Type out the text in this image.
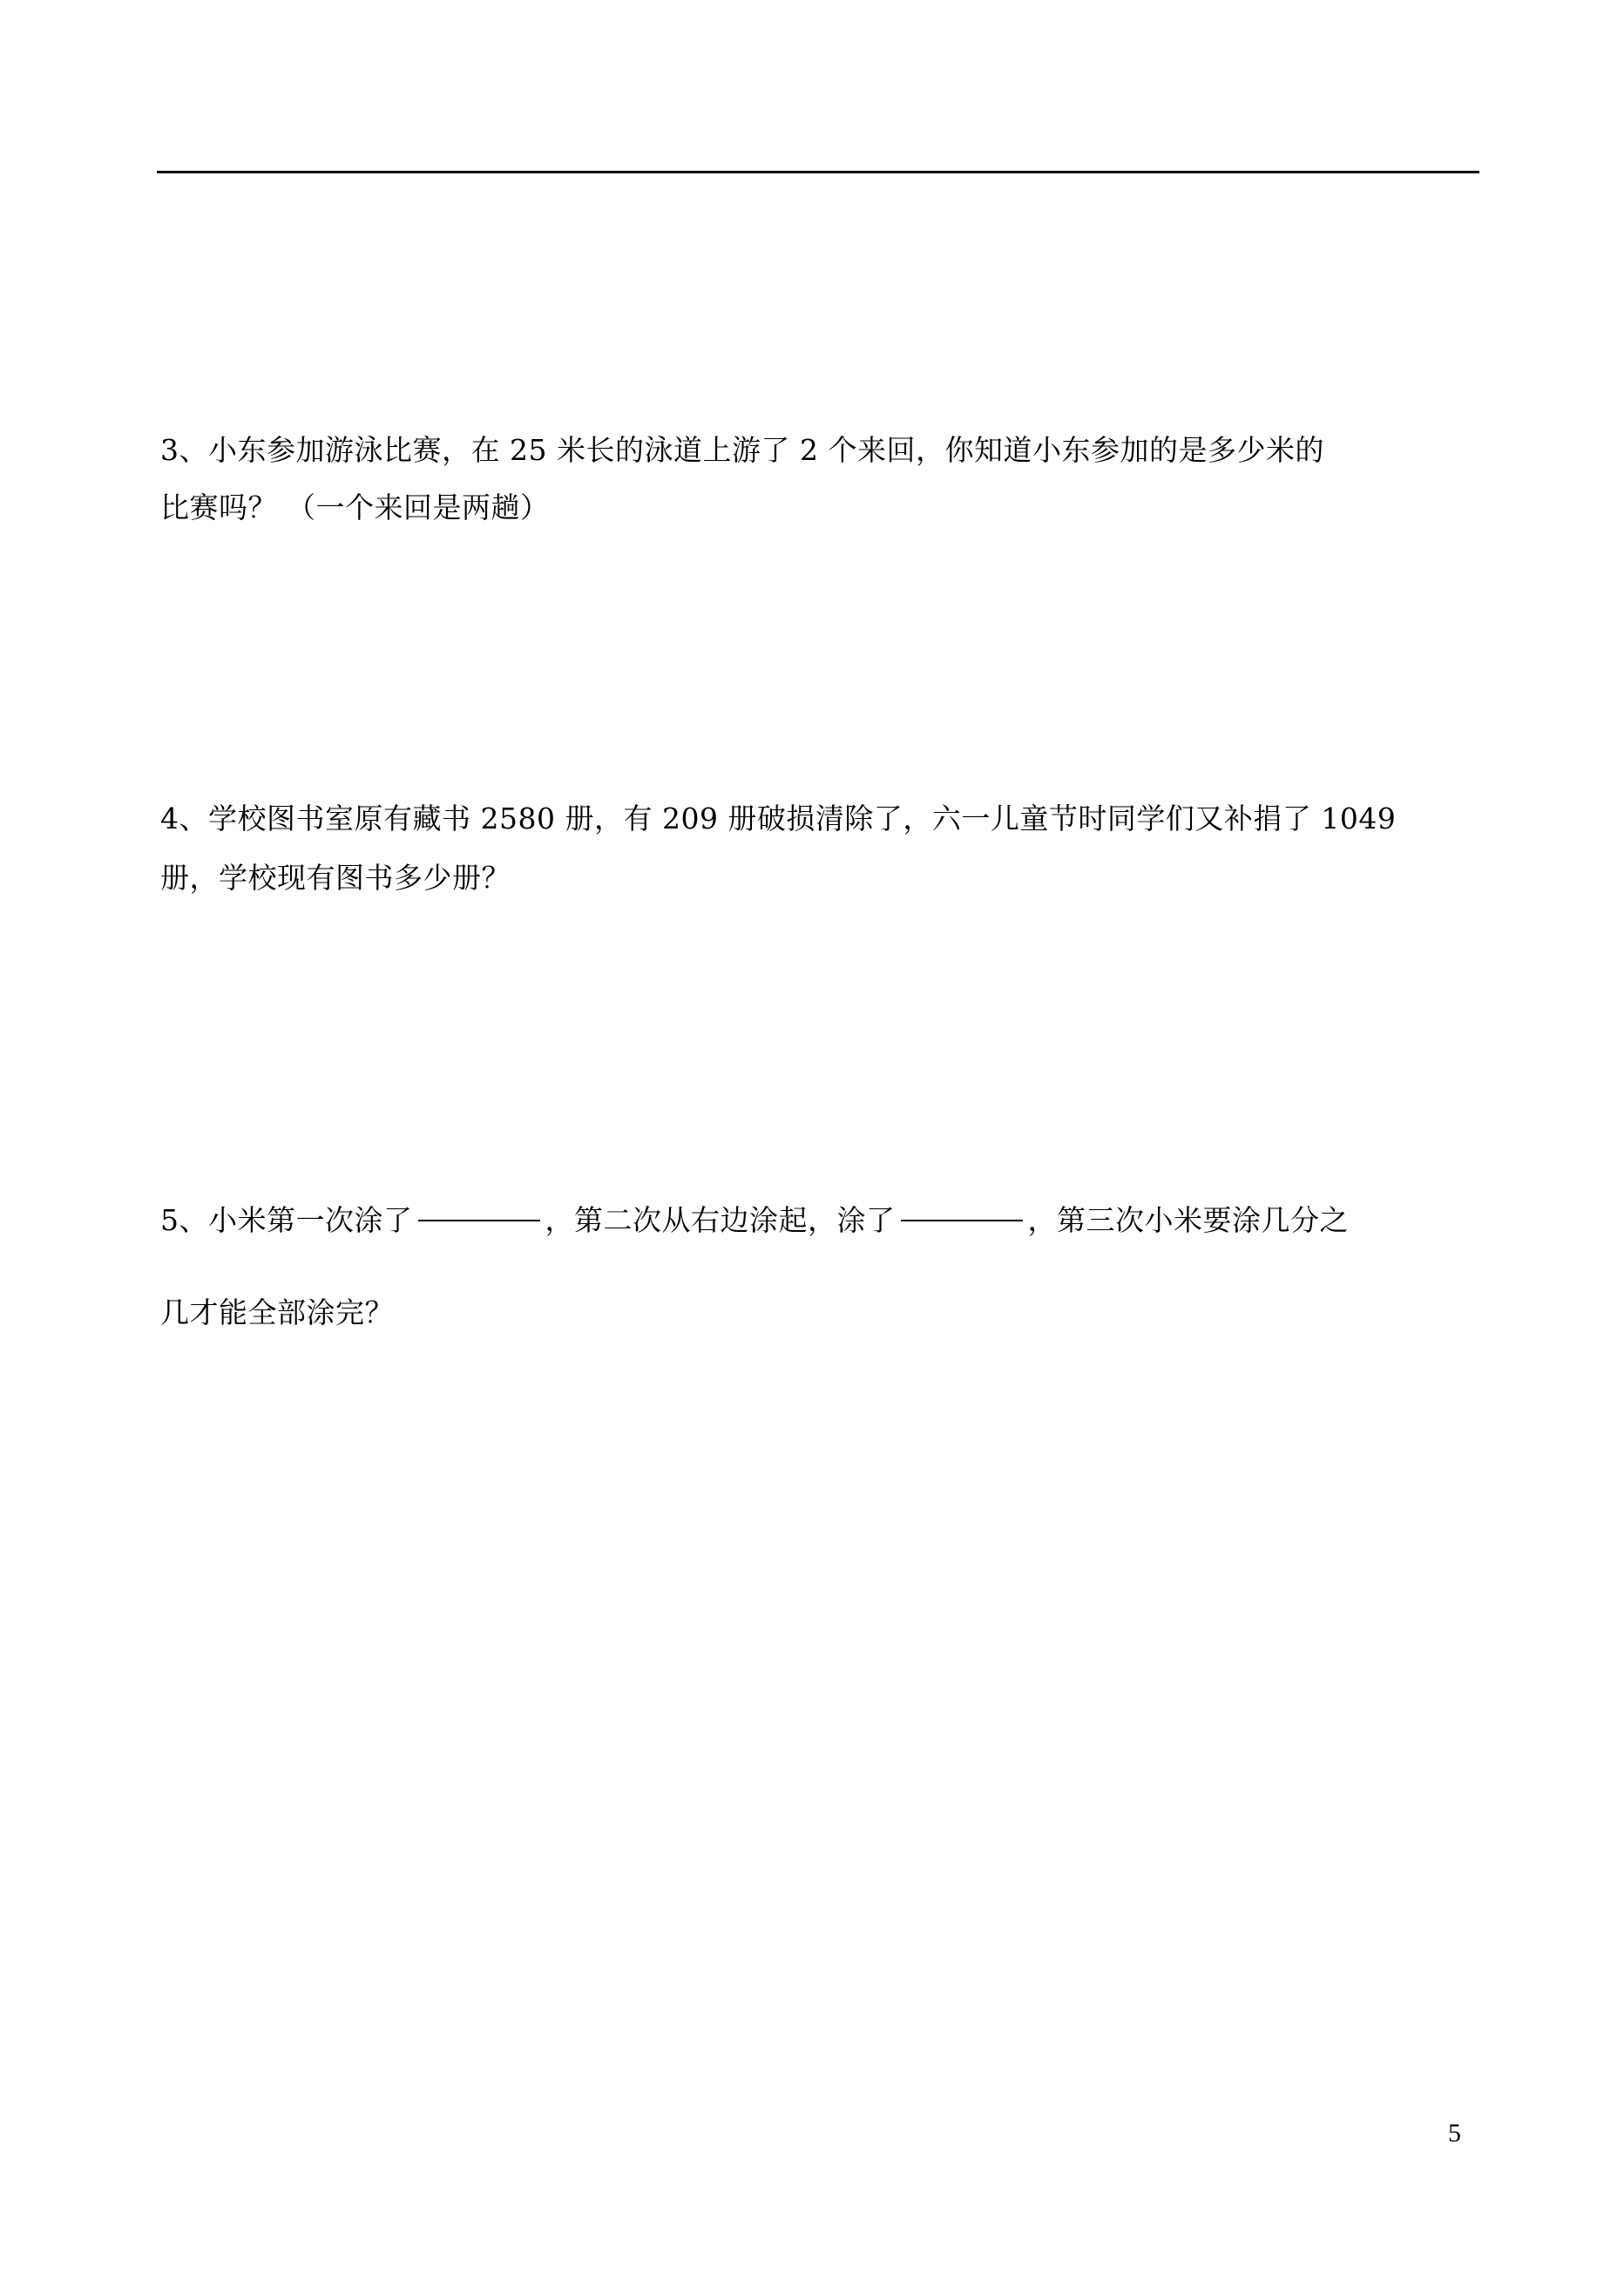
3、小东参加游泳比赛，在 25 米长的泳道上游了 2 个来回，你知道小东参加的是多少米的
比赛吗？ （一个来回是两趟）
4、学校图书室原有藏书 2580 册，有 209 册破损清除了，六一儿童节时同学们又补捐了 1049
册，学校现有图书多少册？
5、小米第一次涂了	，第二次从右边涂起，涂了	，第三次小米要涂几分之
几才能全部涂完？
5
